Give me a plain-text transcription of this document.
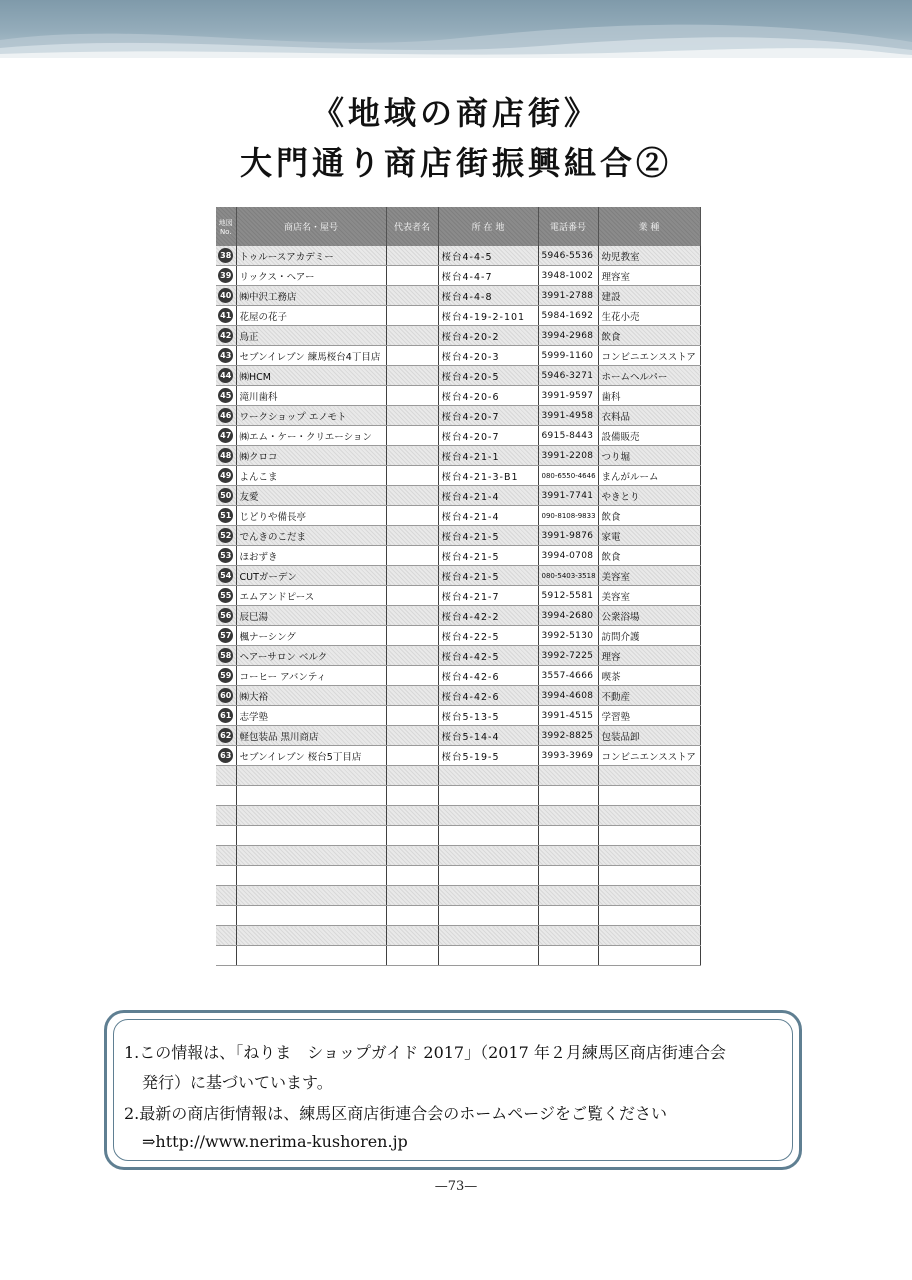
《地域の商店街》
大門通り商店街振興組合②
地図No.	商店名・屋号	代表者名	所 在 地	電話番号	業 種
38	トゥルースアカデミー		桜台4-4-5	5946-5536	幼児教室
39	リックス・ヘアー		桜台4-4-7	3948-1002	理容室
40	㈱中沢工務店		桜台4-4-8	3991-2788	建設
41	花屋の花子		桜台4-19-2-101	5984-1692	生花小売
42	鳥正		桜台4-20-2	3994-2968	飲食
43	セブンイレブン 練馬桜台4丁目店		桜台4-20-3	5999-1160	コンビニエンスストア
44	㈱HCM		桜台4-20-5	5946-3271	ホームヘルパー
45	滝川歯科		桜台4-20-6	3991-9597	歯科
46	ワークショップ エノモト		桜台4-20-7	3991-4958	衣料品
47	㈱エム・ケー・クリエーション		桜台4-20-7	6915-8443	設備販売
48	㈱クロコ		桜台4-21-1	3991-2208	つり堀
49	よんこま		桜台4-21-3-B1	080-6550-4646	まんがルーム
50	友愛		桜台4-21-4	3991-7741	やきとり
51	じどりや備長亭		桜台4-21-4	090-8108-9833	飲食
52	でんきのこだま		桜台4-21-5	3991-9876	家電
53	ほおずき		桜台4-21-5	3994-0708	飲食
54	CUTガーデン		桜台4-21-5	080-5403-3518	美容室
55	エムアンドピース		桜台4-21-7	5912-5581	美容室
56	辰巳湯		桜台4-42-2	3994-2680	公衆浴場
57	楓ナーシング		桜台4-22-5	3992-5130	訪問介護
58	ヘアーサロン ベルク		桜台4-42-5	3992-7225	理容
59	コーヒー アバンティ		桜台4-42-6	3557-4666	喫茶
60	㈱大裕		桜台4-42-6	3994-4608	不動産
61	志学塾		桜台5-13-5	3991-4515	学習塾
62	軽包装品 黒川商店		桜台5-14-4	3992-8825	包装品卸
63	セブンイレブン 桜台5丁目店		桜台5-19-5	3993-3969	コンビニエンスストア

1.この情報は、「ねりま　ショップガイド 2017」（2017 年２月練馬区商店街連合会
発行）に基づいています。
2.最新の商店街情報は、練馬区商店街連合会のホームページをご覧ください
⇒http://www.nerima-kushoren.jp
—73—
